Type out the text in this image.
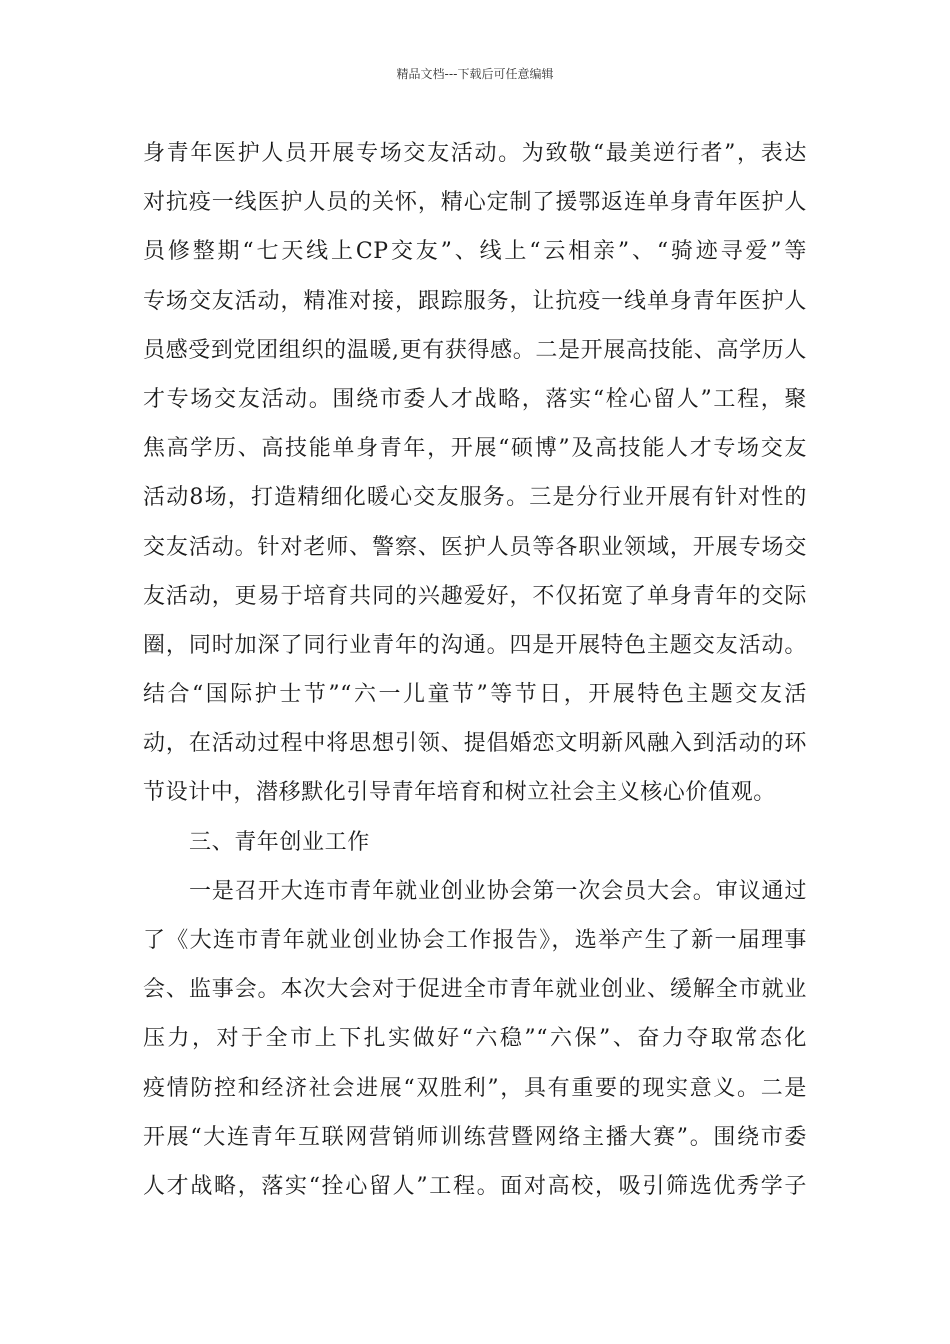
精品文档---下载后可任意编辑
身青年医护人员开展专场交友活动。为致敬“最美逆行者”，表达
对抗疫一线医护人员的关怀，精心定制了援鄂返连单身青年医护人
员修整期“七天线上CP交友”、线上“云相亲”、“骑迹寻爱”等
专场交友活动，精准对接，跟踪服务，让抗疫一线单身青年医护人
员感受到党团组织的温暖,更有获得感。二是开展高技能、高学历人
才专场交友活动。围绕市委人才战略，落实“栓心留人”工程，聚
焦高学历、高技能单身青年，开展“硕博”及高技能人才专场交友
活动8场，打造精细化暖心交友服务。三是分行业开展有针对性的
交友活动。针对老师、警察、医护人员等各职业领域，开展专场交
友活动，更易于培育共同的兴趣爱好，不仅拓宽了单身青年的交际
圈，同时加深了同行业青年的沟通。四是开展特色主题交友活动。
结合“国际护士节”“六一儿童节”等节日，开展特色主题交友活
动，在活动过程中将思想引领、提倡婚恋文明新风融入到活动的环
节设计中，潜移默化引导青年培育和树立社会主义核心价值观。
三、青年创业工作
一是召开大连市青年就业创业协会第一次会员大会。审议通过
了《大连市青年就业创业协会工作报告》，选举产生了新一届理事
会、监事会。本次大会对于促进全市青年就业创业、缓解全市就业
压力，对于全市上下扎实做好“六稳”“六保”、奋力夺取常态化
疫情防控和经济社会进展“双胜利”，具有重要的现实意义。二是
开展“大连青年互联网营销师训练营暨网络主播大赛”。围绕市委
人才战略，落实“拴心留人”工程。面对高校，吸引筛选优秀学子
